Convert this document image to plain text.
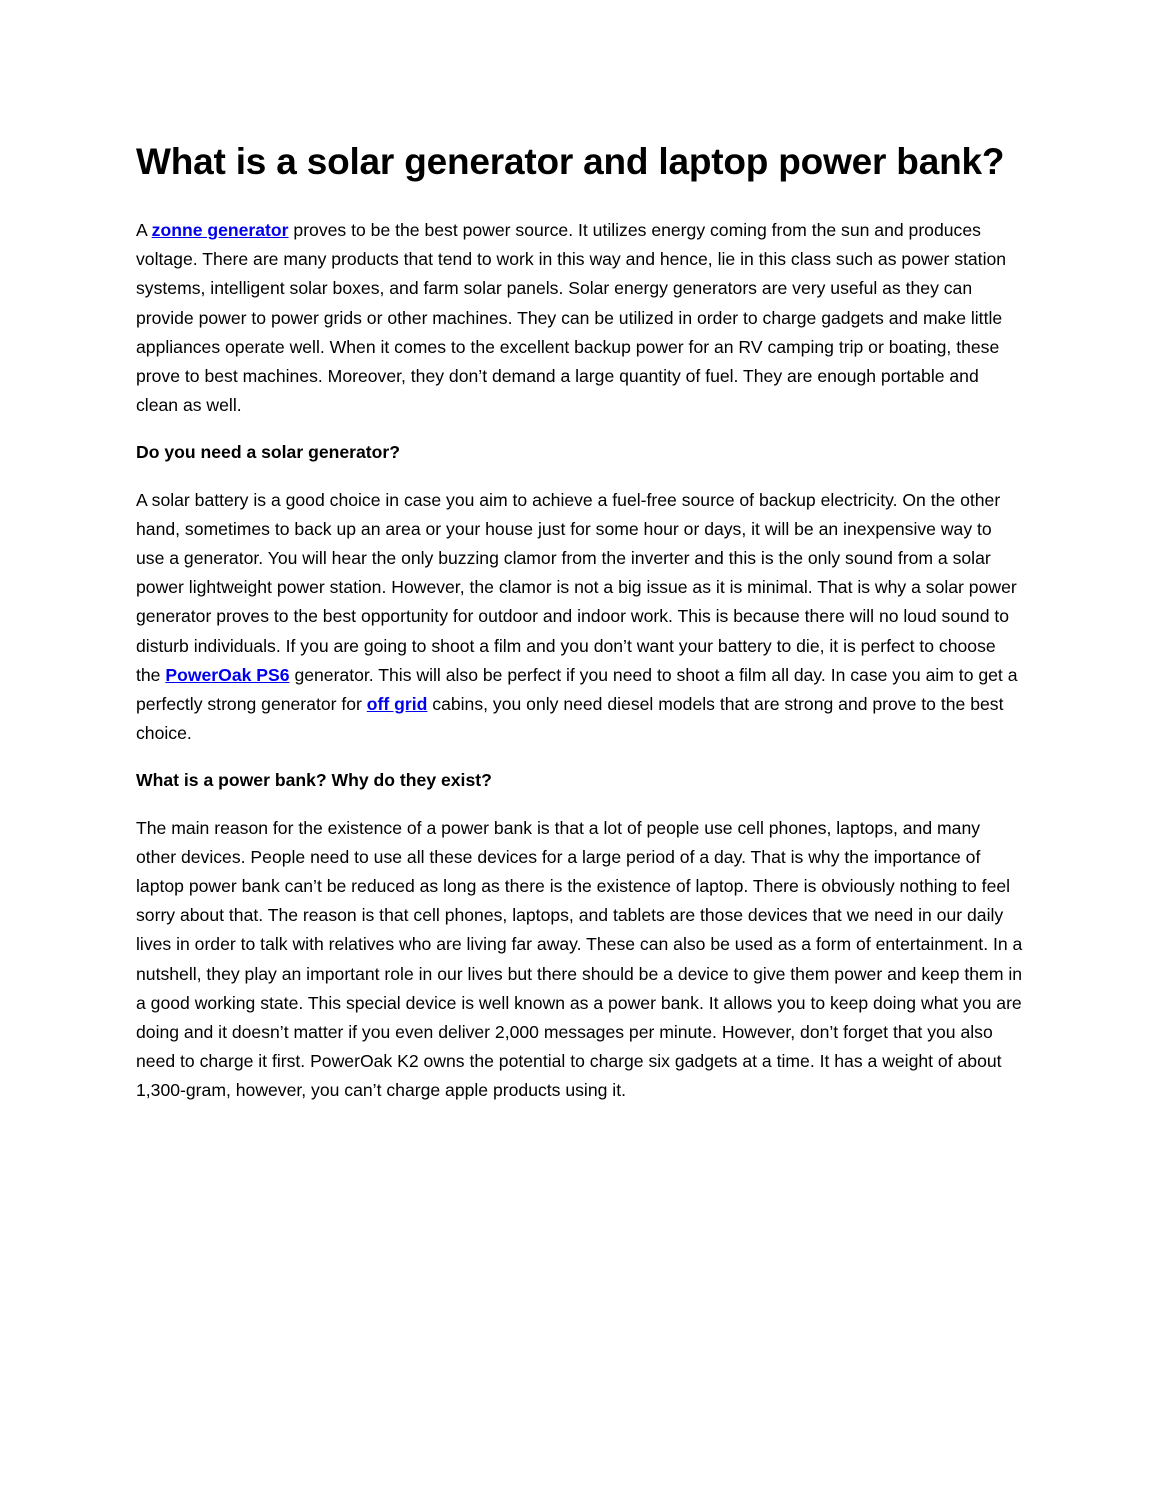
What is a solar generator and laptop power bank?

A zonne generator proves to be the best power source. It utilizes energy coming from the sun and produces voltage. There are many products that tend to work in this way and hence, lie in this class such as power station systems, intelligent solar boxes, and farm solar panels. Solar energy generators are very useful as they can provide power to power grids or other machines. They can be utilized in order to charge gadgets and make little appliances operate well. When it comes to the excellent backup power for an RV camping trip or boating, these prove to best machines. Moreover, they don’t demand a large quantity of fuel. They are enough portable and clean as well.

Do you need a solar generator?

A solar battery is a good choice in case you aim to achieve a fuel-free source of backup electricity. On the other hand, sometimes to back up an area or your house just for some hour or days, it will be an inexpensive way to use a generator. You will hear the only buzzing clamor from the inverter and this is the only sound from a solar power lightweight power station. However, the clamor is not a big issue as it is minimal. That is why a solar power generator proves to the best opportunity for outdoor and indoor work. This is because there will no loud sound to disturb individuals. If you are going to shoot a film and you don’t want your battery to die, it is perfect to choose the PowerOak PS6 generator. This will also be perfect if you need to shoot a film all day. In case you aim to get a perfectly strong generator for off grid cabins, you only need diesel models that are strong and prove to the best choice.

What is a power bank? Why do they exist?

The main reason for the existence of a power bank is that a lot of people use cell phones, laptops, and many other devices. People need to use all these devices for a large period of a day. That is why the importance of laptop power bank can’t be reduced as long as there is the existence of laptop. There is obviously nothing to feel sorry about that. The reason is that cell phones, laptops, and tablets are those devices that we need in our daily lives in order to talk with relatives who are living far away. These can also be used as a form of entertainment. In a nutshell, they play an important role in our lives but there should be a device to give them power and keep them in a good working state. This special device is well known as a power bank. It allows you to keep doing what you are doing and it doesn’t matter if you even deliver 2,000 messages per minute. However, don’t forget that you also need to charge it first. PowerOak K2 owns the potential to charge six gadgets at a time. It has a weight of about 1,300-gram, however, you can’t charge apple products using it.
